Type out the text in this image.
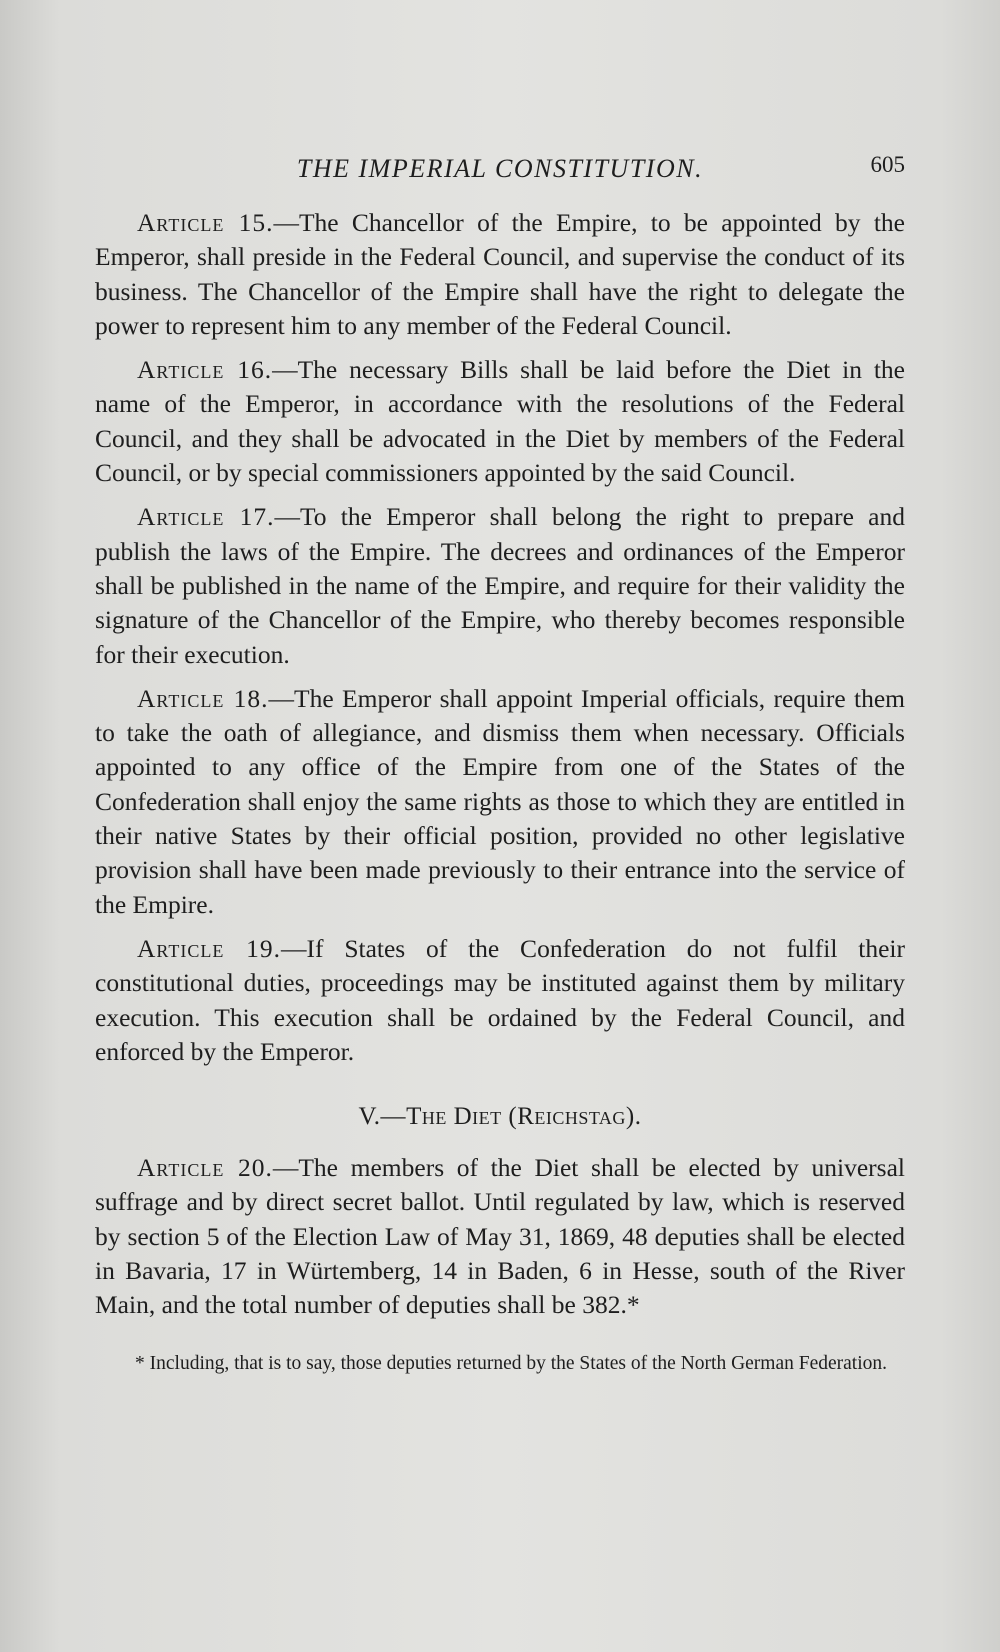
THE IMPERIAL CONSTITUTION.	605

Article 15.—The Chancellor of the Empire, to be appointed by the Emperor, shall preside in the Federal Council, and supervise the conduct of its business. The Chancellor of the Empire shall have the right to delegate the power to represent him to any member of the Federal Council.

Article 16.—The necessary Bills shall be laid before the Diet in the name of the Emperor, in accordance with the resolutions of the Federal Council, and they shall be advocated in the Diet by members of the Federal Council, or by special commissioners appointed by the said Council.

Article 17.—To the Emperor shall belong the right to prepare and publish the laws of the Empire. The decrees and ordinances of the Emperor shall be published in the name of the Empire, and require for their validity the signature of the Chancellor of the Empire, who thereby becomes responsible for their execution.

Article 18.—The Emperor shall appoint Imperial officials, require them to take the oath of allegiance, and dismiss them when necessary. Officials appointed to any office of the Empire from one of the States of the Confederation shall enjoy the same rights as those to which they are entitled in their native States by their official position, provided no other legislative provision shall have been made previously to their entrance into the service of the Empire.

Article 19.—If States of the Confederation do not fulfil their constitutional duties, proceedings may be instituted against them by military execution. This execution shall be ordained by the Federal Council, and enforced by the Emperor.

V.—The Diet (Reichstag).

Article 20.—The members of the Diet shall be elected by universal suffrage and by direct secret ballot. Until regulated by law, which is reserved by section 5 of the Election Law of May 31, 1869, 48 deputies shall be elected in Bavaria, 17 in Würtemberg, 14 in Baden, 6 in Hesse, south of the River Main, and the total number of deputies shall be 382.*

* Including, that is to say, those deputies returned by the States of the North German Federation.
